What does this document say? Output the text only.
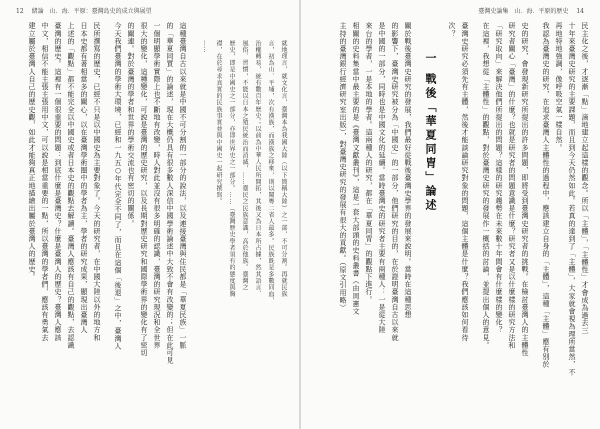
12 緒論　山．海．平原：臺灣島史的成立與展望
就地理言，就文化言，臺灣本為我國大陸（以下簡稱大陸）之一部，不可分割。再就民族
言，初為山、平埔，次有漢族，而漢族之移來，則以閩粵二省人最多。民族既是多數同血，
治權轉易，統有數百年歷史；以前為中華人民所開拓，其後又為日本所占據，然其語言、
風俗、習慣，不能以日本之殖民統治而消滅，……臺民之民族意識，高於他族。臺灣之
歷史，即是中國史之一部分，亦即世界史之一部分。……（臺灣歷史學者須有的態度與胸
襟，在於尋求真實的民族事實並與中國史一起研究撰寫。
……
這種臺灣自古以來就是中國不可分割的一部分的說法，以及連接臺灣與住民都是「華夏民族」一脈
的「華夏同質」的論述，現在大概仍具有很多數人深信中國學術論述中大致不會有改變的；但在此可見
一個明顯學術實際上也不斷地有改變，時人對此並沒有很多明確的認識，臺灣的研究現況和全世界
很大的變化，這種變化，可說是臺灣的歷史研究，以及長期對歷史研究和國際學術界的變化有了密切
的關連。對於臺灣的學者和世界的學術交流也有密切的關係。
今天我們臺灣的學術大環境，已經和一九五○年代完全不同了，而且在這個「後退」之中，臺灣人
民所撰寫的歷史，已經不只是以中國史為主要對象了。今天的研究者，在中國大陸以外的地方和
日本史都有著相當多的關心，以在臺灣學術圈中的學者為主，學者的研究成果，顯現出臺灣人
上述的「觀點」都不能完全以中國史或者日本史的觀點去解讀。臺灣人應該有自己的觀點，去認識
臺灣的歷史。這裡有一個很重要的問題：到底什麼是臺灣史？什麼是臺灣人的歷史？臺灣人應該
中文，相信不能主張主張用中文，可以說是相當重要的一點，所以臺灣的學者們，應該有勇氣去
建立屬於臺灣人自己的歷史觀，如此才能夠真正地描繪出屬於臺灣人的歷史。
臺灣史論集　山．海．平原的歷史 14
民主化之後，才逐漸「點」滴地建立起這樣的觀念。所以「主體」，「主體性」才會成為過去三
十年來臺灣史研究的主要課題，而且到今天仍然如此。若真的達到了「主體」，大家就會視為理所當然，不
再地特地強調，像呼吸空氣一樣自然。
我認為臺灣史的研究，在追求臺灣人主體性的過程中，應該建立自身的「主體」，這種「主體」應有別於
史的研究，會發現新研究所提出的許多問題，即將受到臺灣史研究者的挑戰。在檢討臺灣人的主體性
研究者關心「臺灣」的什麼？也就是研究者的問題意識是什麼？研究者又是以什麼樣的研究方法和
「研究取向」來解決他們所提出的問題？這樣的研究趨勢在未來數十年間會有什麼樣的變化？
在這裡，我想從「主體性」的觀點，對於臺灣史研究的發展作一概括的討論，並提出個人的意見。
臺灣史研究必須先有主體，然後才能談論研究對象的問題，這個主體是什麼？我們應該如何看待
次？
一 戰後「華夏同胄」論述
關於戰後臺灣史研究的發展，我們最好從戰後臺灣史學界的發展來說明。當時在這種思想
的影響下，臺灣史研究被分為「中國史」的一部分，他們研究的目的，在於證明臺灣自古以來就
是中國的一部分，同時也是中國文化的延續。當時臺灣史的研究者主要有兩種人：一是從大陸
來台的學者，一是本地的學者。這兩種人的研究，都在「華夏同胄」的觀點下進行。
相關的史料集當中最主要的是《臺灣文獻叢刊》，這是一套大部頭的史料叢書（由周憲文
主持的臺灣銀行經濟研究室出版），對臺灣史研究的發展有很大的貢獻。（原文引用略）
